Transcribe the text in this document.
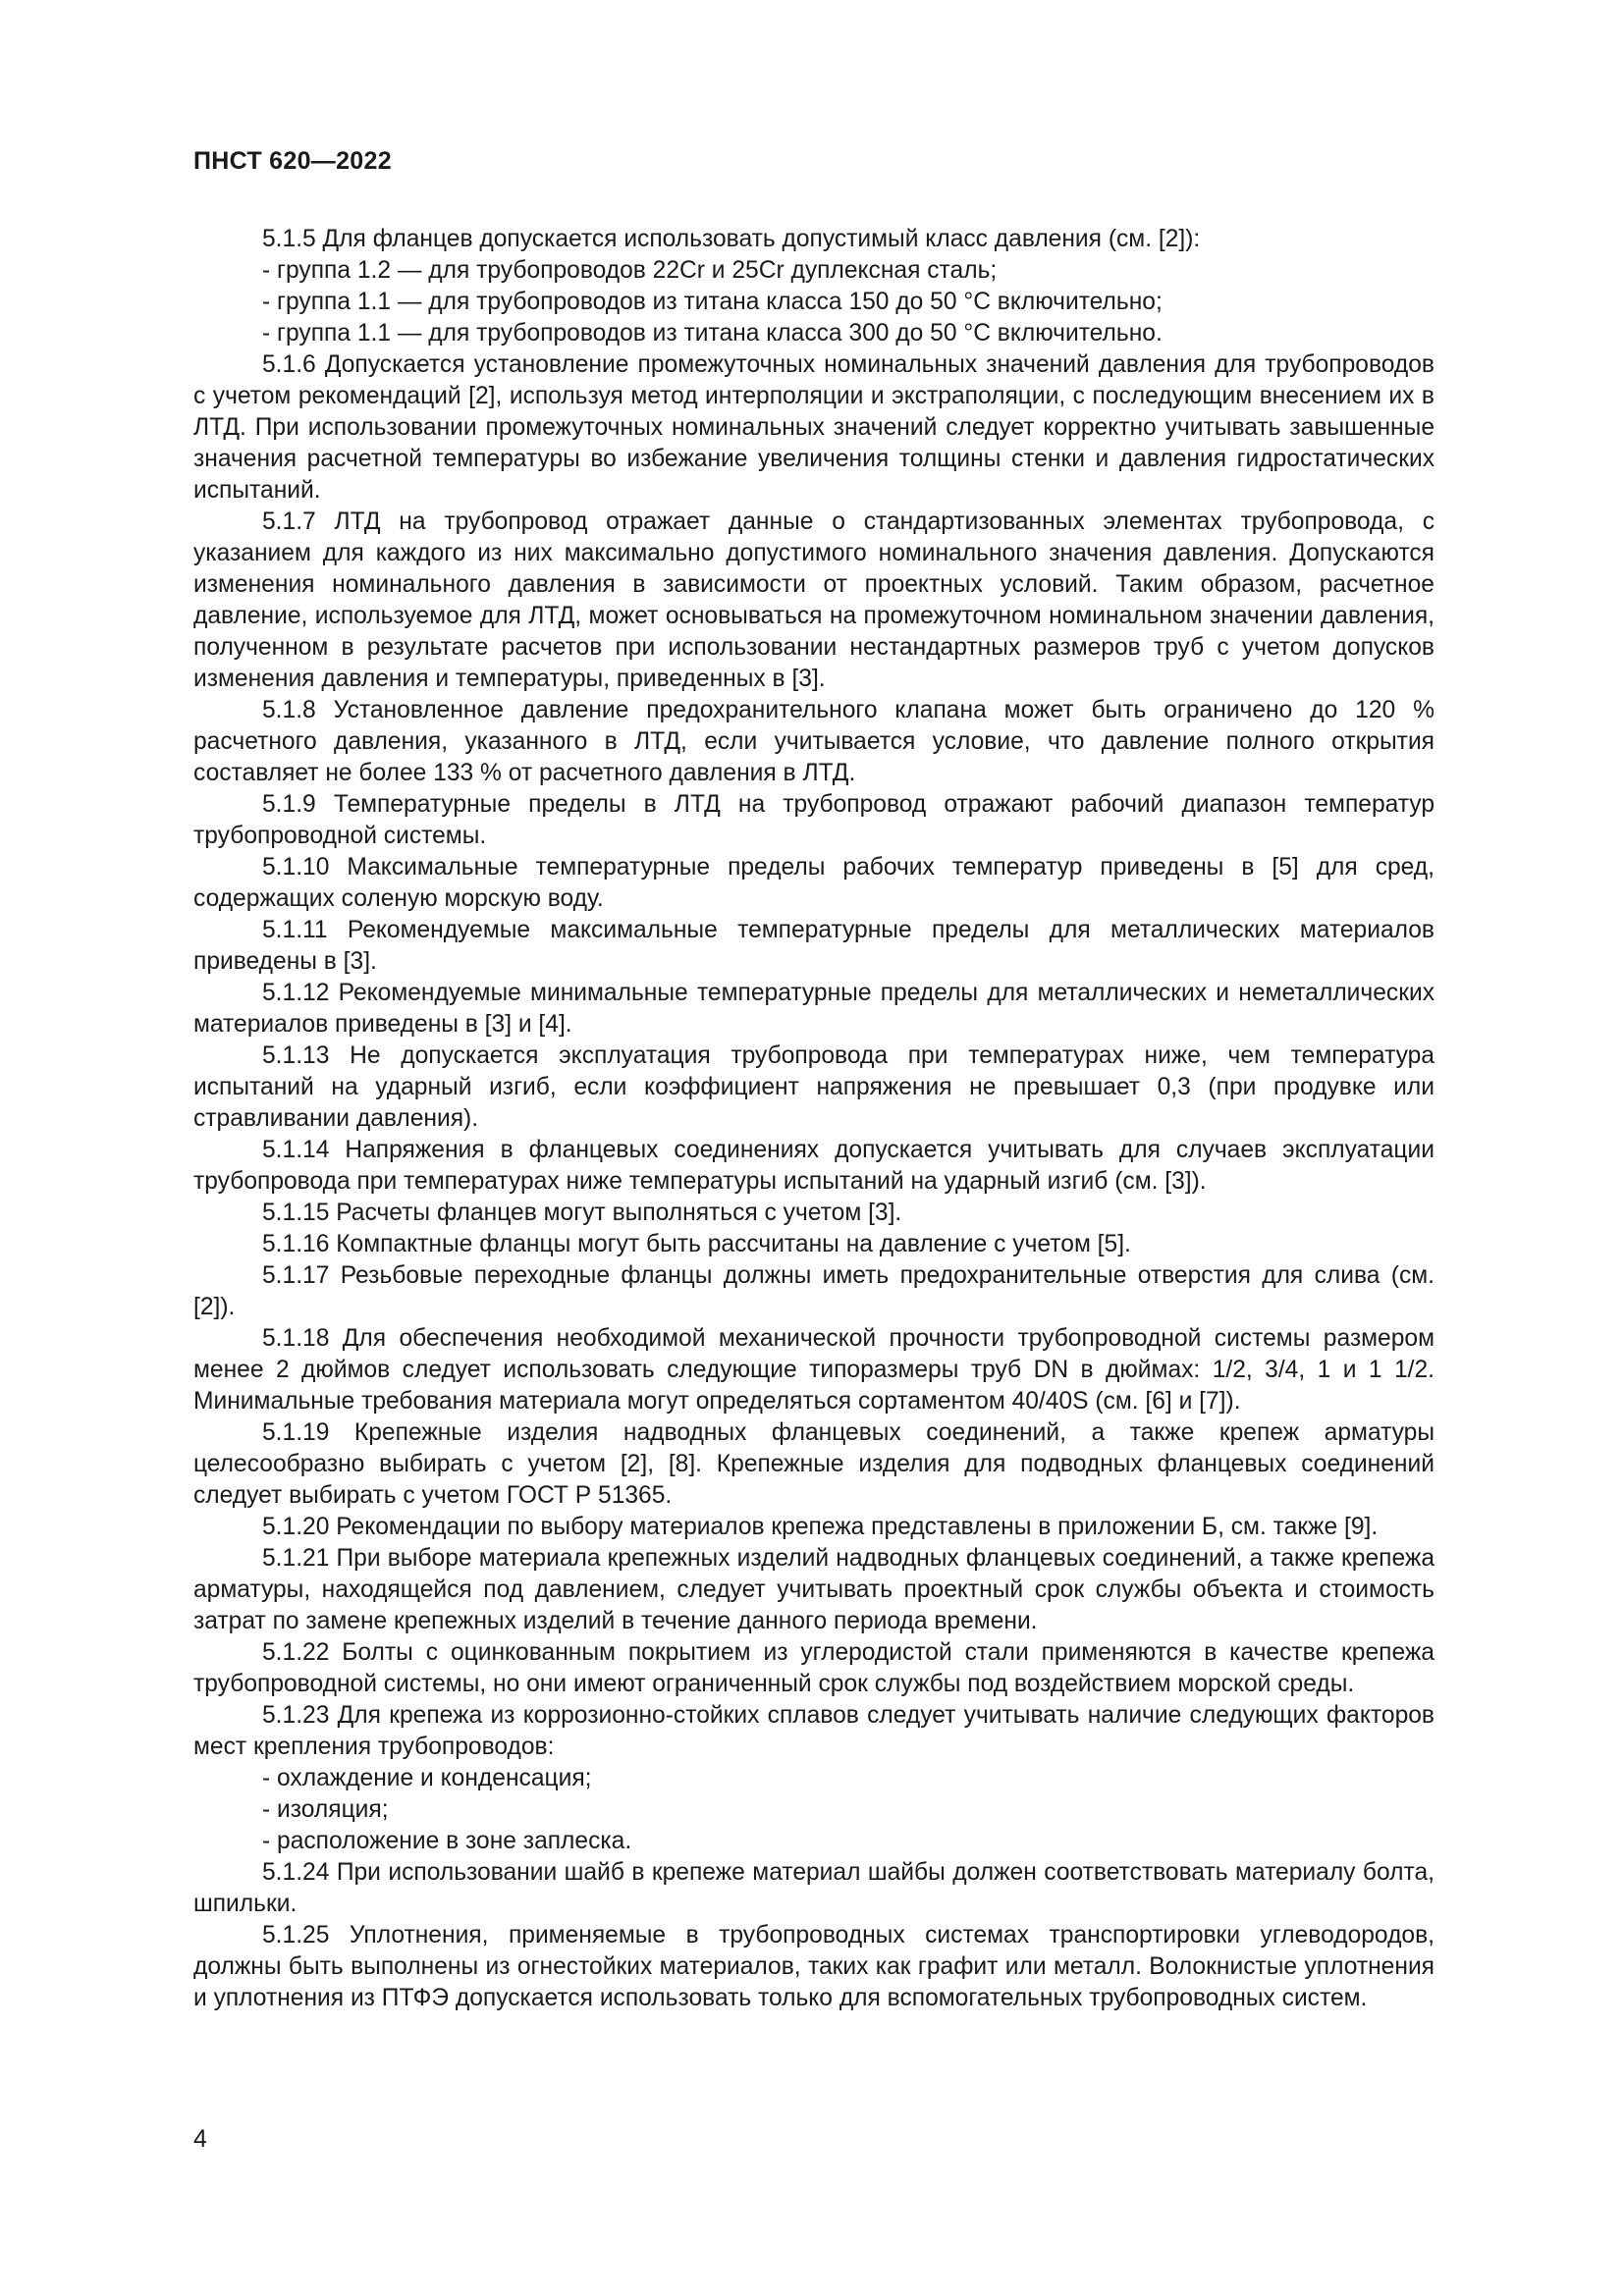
ПНСТ 620—2022

5.1.5 Для фланцев допускается использовать допустимый класс давления (см. [2]):

- группа 1.2 — для трубопроводов 22Cr и 25Cr дуплексная сталь;

- группа 1.1 — для трубопроводов из титана класса 150 до 50 °С включительно;

- группа 1.1 — для трубопроводов из титана класса 300 до 50 °С включительно.

5.1.6 Допускается установление промежуточных номинальных значений давления для трубопроводов с учетом рекомендаций [2], используя метод интерполяции и экстраполяции, с последующим внесением их в ЛТД. При использовании промежуточных номинальных значений следует корректно учитывать завышенные значения расчетной температуры во избежание увеличения толщины стенки и давления гидростатических испытаний.

5.1.7 ЛТД на трубопровод отражает данные о стандартизованных элементах трубопровода, с указанием для каждого из них максимально допустимого номинального значения давления. Допускаются изменения номинального давления в зависимости от проектных условий. Таким образом, расчетное давление, используемое для ЛТД, может основываться на промежуточном номинальном значении давления, полученном в результате расчетов при использовании нестандартных размеров труб с учетом допусков изменения давления и температуры, приведенных в [3].

5.1.8 Установленное давление предохранительного клапана может быть ограничено до 120 % расчетного давления, указанного в ЛТД, если учитывается условие, что давление полного открытия составляет не более 133 % от расчетного давления в ЛТД.

5.1.9 Температурные пределы в ЛТД на трубопровод отражают рабочий диапазон температур трубопроводной системы.

5.1.10 Максимальные температурные пределы рабочих температур приведены в [5] для сред, содержащих соленую морскую воду.

5.1.11 Рекомендуемые максимальные температурные пределы для металлических материалов приведены в [3].

5.1.12 Рекомендуемые минимальные температурные пределы для металлических и неметаллических материалов приведены в [3] и [4].

5.1.13 Не допускается эксплуатация трубопровода при температурах ниже, чем температура испытаний на ударный изгиб, если коэффициент напряжения не превышает 0,3 (при продувке или стравливании давления).

5.1.14 Напряжения в фланцевых соединениях допускается учитывать для случаев эксплуатации трубопровода при температурах ниже температуры испытаний на ударный изгиб (см. [3]).

5.1.15 Расчеты фланцев могут выполняться с учетом [3].

5.1.16 Компактные фланцы могут быть рассчитаны на давление с учетом [5].

5.1.17 Резьбовые переходные фланцы должны иметь предохранительные отверстия для слива (см. [2]).

5.1.18 Для обеспечения необходимой механической прочности трубопроводной системы размером менее 2 дюймов следует использовать следующие типоразмеры труб DN в дюймах: 1/2, 3/4, 1 и 1 1/2. Минимальные требования материала могут определяться сортаментом 40/40S (см. [6] и [7]).

5.1.19 Крепежные изделия надводных фланцевых соединений, а также крепеж арматуры целесообразно выбирать с учетом [2], [8]. Крепежные изделия для подводных фланцевых соединений следует выбирать с учетом ГОСТ Р 51365.

5.1.20 Рекомендации по выбору материалов крепежа представлены в приложении Б, см. также [9].

5.1.21 При выборе материала крепежных изделий надводных фланцевых соединений, а также крепежа арматуры, находящейся под давлением, следует учитывать проектный срок службы объекта и стоимость затрат по замене крепежных изделий в течение данного периода времени.

5.1.22 Болты с оцинкованным покрытием из углеродистой стали применяются в качестве крепежа трубопроводной системы, но они имеют ограниченный срок службы под воздействием морской среды.

5.1.23 Для крепежа из коррозионно-стойких сплавов следует учитывать наличие следующих факторов мест крепления трубопроводов:

- охлаждение и конденсация;

- изоляция;

- расположение в зоне заплеска.

5.1.24 При использовании шайб в крепеже материал шайбы должен соответствовать материалу болта, шпильки.

5.1.25 Уплотнения, применяемые в трубопроводных системах транспортировки углеводородов, должны быть выполнены из огнестойких материалов, таких как графит или металл. Волокнистые уплотнения и уплотнения из ПТФЭ допускается использовать только для вспомогательных трубопроводных систем.

4
